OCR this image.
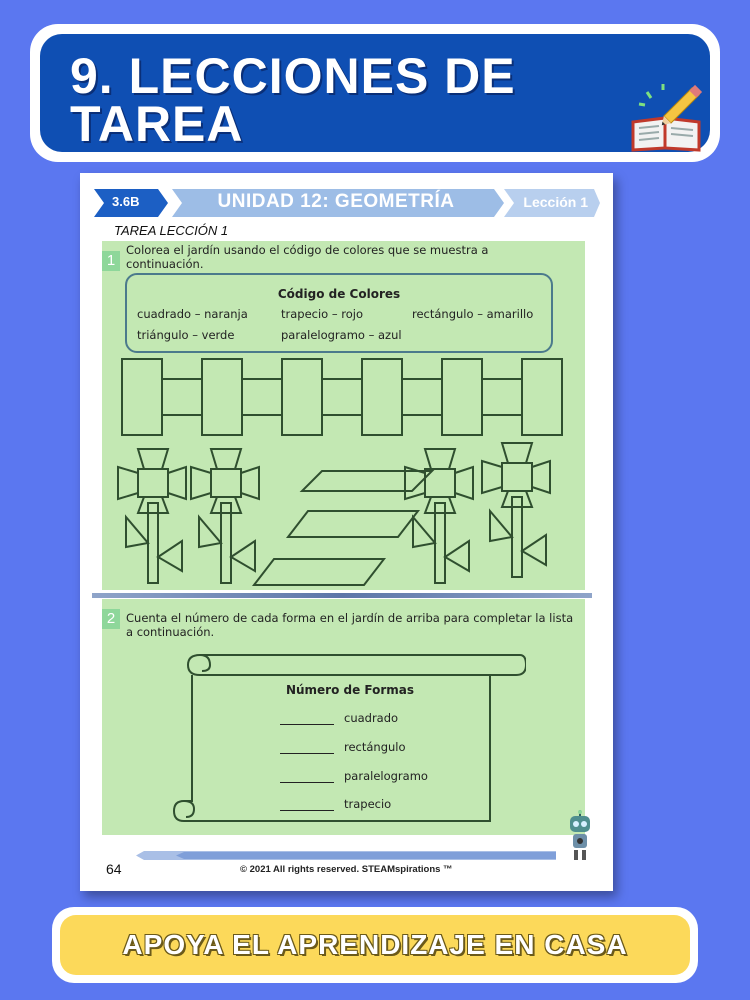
9. LECCIONES DE TAREA
3.6B	UNIDAD 12: GEOMETRÍA	Lección 1
TAREA LECCIÓN 1
1
Colorea el jardín usando el código de colores que se muestra a continuación.
Código de Colores
cuadrado – naranja	trapecio – rojo	rectángulo – amarillo
triángulo – verde	paralelogramo – azul
2 Cuenta el número de cada forma en el jardín de arriba para completar la lista a continuación.
Número de Formas
cuadrado
rectángulo
paralelogramo
trapecio
64	© 2021 All rights reserved. STEAMspirations ™
APOYA EL APRENDIZAJE EN CASA
